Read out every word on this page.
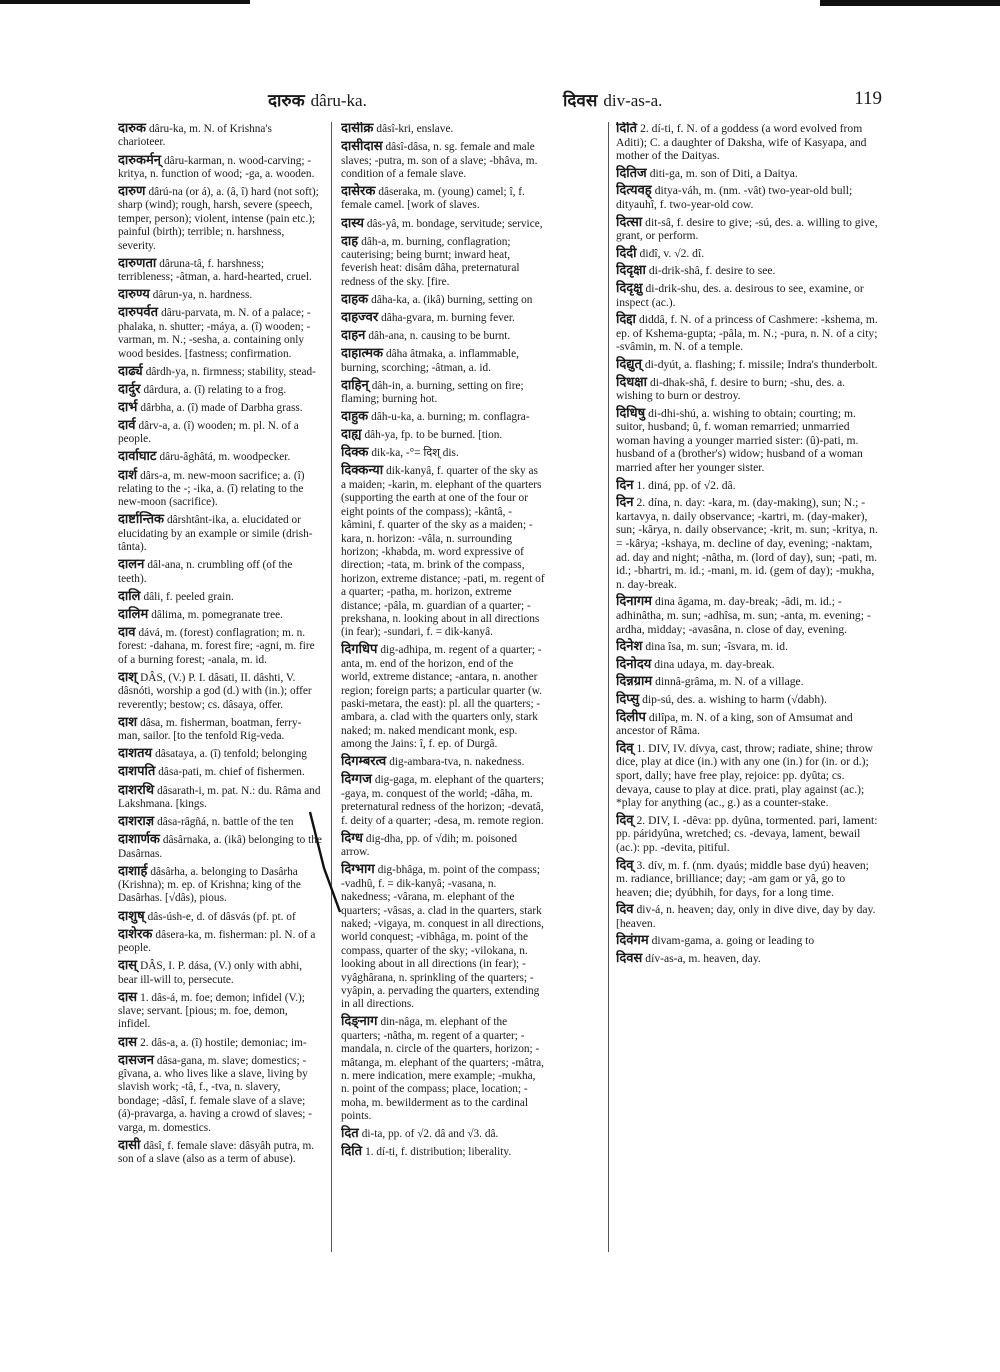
दारुक dâru-ka.	दिवस div-as-a.	119

दारुक dâru-ka, m. N. of Krishna's charioteer.

दारुकर्मन् dâru-karman, n. wood-carving; -kritya, n. function of wood; -ga, a. wooden.

दारुण dârú-na (or á), a. (â, î) hard (not soft); sharp (wind); rough, harsh, severe (speech, temper, person); violent, intense (pain etc.); painful (birth); terrible; n. harshness, severity.

दारुणता dâruna-tâ, f. harshness; terribleness; -âtman, a. hard-hearted, cruel.

दारुण्य dârun-ya, n. hardness.

दारुपर्वत dâru-parvata, m. N. of a palace; -phalaka, n. shutter; -máya, a. (î) wooden; -varman, m. N.; -sesha, a. containing only wood besides. [fastness; confirmation.

दार्ढ्य dârdh-ya, n. firmness; stability, stead-

दार्दुर dârdura, a. (î) relating to a frog.

दार्भ dârbha, a. (î) made of Darbha grass.

दार्व dârv-a, a. (î) wooden; m. pl. N. of a people.

दार्वाघाट dâru-âghâtá, m. woodpecker.

दार्श dârs-a, m. new-moon sacrifice; a. (î) relating to the -; -ika, a. (î) relating to the new-moon (sacrifice).

दार्ष्टान्तिक dârshtânt-ika, a. elucidated or elucidating by an example or simile (drish-tânta).

दालन dâl-ana, n. crumbling off (of the teeth).

दालि dâli, f. peeled grain.

दालिम dâlima, m. pomegranate tree.

दाव dává, m. (forest) conflagration; m. n. forest: -dahana, m. forest fire; -agni, m. fire of a burning forest; -anala, m. id.

दाश् DÂS, (V.) P. I. dâsati, II. dâshti, V. dâsnóti, worship a god (d.) with (in.); offer reverently; bestow; cs. dâsaya, offer.

दाश dâsa, m. fisherman, boatman, ferry-man, sailor. [to the tenfold Rig-veda.

दाशतय dâsataya, a. (î) tenfold; belonging

दाशपति dâsa-pati, m. chief of fishermen.

दाशरथि dâsarath-i, m. pat. N.: du. Râma and Lakshmana. [kings.

दाशराज्ञ dâsa-râgñá, n. battle of the ten

दाशार्णक dâsârnaka, a. (ikâ) belonging to the Dasârnas.

दाशार्ह dâsârha, a. belonging to Dasârha (Krishna); m. ep. of Krishna; king of the Dasârhas. [√dâs), pious.

दाशुष् dâs-úsh-e, d. of dâsvás (pf. pt. of

दाशेरक dâsera-ka, m. fisherman: pl. N. of a people.

दास् DÂS, I. P. dása, (V.) only with abhi, bear ill-will to, persecute.

दास 1. dâs-á, m. foe; demon; infidel (V.); slave; servant. [pious; m. foe, demon, infidel.

दास 2. dâs-a, a. (î) hostile; demoniac; im-

दासजन dâsa-gana, m. slave; domestics; -gîvana, a. who lives like a slave, living by slavish work; -tâ, f., -tva, n. slavery, bondage; -dâsî, f. female slave of a slave; (á)-pravarga, a. having a crowd of slaves; -varga, m. domestics.

दासी dâsî, f. female slave: dâsyâh putra, m. son of a slave (also as a term of abuse).

दासीक्र dâsî-kri, enslave.

दासीदास dâsî-dâsa, n. sg. female and male slaves; -putra, m. son of a slave; -bhâva, m. condition of a female slave.

दासेरक dâseraka, m. (young) camel; î, f. female camel. [work of slaves.

दास्य dâs-yâ, m. bondage, servitude; service,

दाह dâh-a, m. burning, conflagration; cauterising; being burnt; inward heat, feverish heat: disâm dâha, preternatural redness of the sky. [fire.

दाहक dâha-ka, a. (ikâ) burning, setting on

दाहज्वर dâha-gvara, m. burning fever.

दाहन dâh-ana, n. causing to be burnt.

दाहात्मक dâha âtmaka, a. inflammable, burning, scorching; -âtman, a. id.

दाहिन् dâh-in, a. burning, setting on fire; flaming; burning hot.

दाहुक dâh-u-ka, a. burning; m. conflagra-

दाह्य dâh-ya, fp. to be burned. [tion.

दिक्क dik-ka, -°= दिश् dis.

दिक्कन्या dik-kanyâ, f. quarter of the sky as a maiden; -karin, m. elephant of the quarters (supporting the earth at one of the four or eight points of the compass); -kântâ, -kâmini, f. quarter of the sky as a maiden; -kara, n. horizon: -vâla, n. surrounding horizon; -khabda, m. word expressive of direction; -tata, m. brink of the compass, horizon, extreme distance; -pati, m. regent of a quarter; -patha, m. horizon, extreme distance; -pâla, m. guardian of a quarter; -prekshana, n. looking about in all directions (in fear); -sundari, f. = dik-kanyâ.

दिगधिप dig-adhipa, m. regent of a quarter; -anta, m. end of the horizon, end of the world, extreme distance; -antara, n. another region; foreign parts; a particular quarter (w. paski-metara, the east): pl. all the quarters; -ambara, a. clad with the quarters only, stark naked; m. naked mendicant monk, esp. among the Jains: î, f. ep. of Durgâ.

दिगम्बरत्व dig-ambara-tva, n. nakedness.

दिग्गज dig-gaga, m. elephant of the quarters; -gaya, m. conquest of the world; -dâha, m. preternatural redness of the horizon; -devatâ, f. deity of a quarter; -desa, m. remote region.

दिग्ध dig-dha, pp. of √dih; m. poisoned arrow.

दिग्भाग dig-bhâga, m. point of the compass; -vadhû, f. = dik-kanyâ; -vasana, n. nakedness; -vârana, m. elephant of the quarters; -vâsas, a. clad in the quarters, stark naked; -vigaya, m. conquest in all directions, world conquest; -vibhâga, m. point of the compass, quarter of the sky; -vilokana, n. looking about in all directions (in fear); -vyâghârana, n. sprinkling of the quarters; -vyâpin, a. pervading the quarters, extending in all directions.

दिङ्नाग din-nâga, m. elephant of the quarters; -nâtha, m. regent of a quarter; -mandala, n. circle of the quarters, horizon; -mâtanga, m. elephant of the quarters; -mâtra, n. mere indication, mere example; -mukha, n. point of the compass; place, location; -moha, m. bewilderment as to the cardinal points.

दित di-ta, pp. of √2. dâ and √3. dâ.

दिति 1. dí-ti, f. distribution; liberality.

दिति 2. dí-ti, f. N. of a goddess (a word evolved from Aditi); C. a daughter of Daksha, wife of Kasyapa, and mother of the Daityas.

दितिज diti-ga, m. son of Diti, a Daitya.

दित्यवह् ditya-váh, m. (nm. -vât) two-year-old bull; dityauhî, f. two-year-old cow.

दित्सा dit-sâ, f. desire to give; -sú, des. a. willing to give, grant, or perform.

दिदी didî, v. √2. dî.

दिदृक्षा di-drik-shâ, f. desire to see.

दिदृक्षु di-drik-shu, des. a. desirous to see, examine, or inspect (ac.).

दिद्दा diddâ, f. N. of a princess of Cashmere: -kshema, m. ep. of Kshema-gupta; -pâla, m. N.; -pura, n. N. of a city; -svâmin, m. N. of a temple.

दिद्युत् di-dyút, a. flashing; f. missile; Indra's thunderbolt.

दिधक्षा di-dhak-shâ, f. desire to burn; -shu, des. a. wishing to burn or destroy.

दिधिषु di-dhi-shú, a. wishing to obtain; courting; m. suitor, husband; û, f. woman remarried; unmarried woman having a younger married sister: (û)-pati, m. husband of a (brother's) widow; husband of a woman married after her younger sister.

दिन 1. diná, pp. of √2. dâ.

दिन 2. dína, n. day: -kara, m. (day-making), sun; N.; -kartavya, n. daily observance; -kartri, m. (day-maker), sun; -kârya, n. daily observance; -krit, m. sun; -kritya, n. = -kârya; -kshaya, m. decline of day, evening; -naktam, ad. day and night; -nâtha, m. (lord of day), sun; -pati, m. id.; -bhartri, m. id.; -mani, m. id. (gem of day); -mukha, n. day-break.

दिनागम dina âgama, m. day-break; -âdi, m. id.; -adhinâtha, m. sun; -adhîsa, m. sun; -anta, m. evening; -ardha, midday; -avasâna, n. close of day, evening.

दिनेश dina îsa, m. sun; -îsvara, m. id.

दिनोदय dina udaya, m. day-break.

दिन्नग्राम dinnâ-grâma, m. N. of a village.

दिप्सु dip-sú, des. a. wishing to harm (√dabh).

दिलीप dilîpa, m. N. of a king, son of Amsumat and ancestor of Râma.

दिव् 1. DIV, IV. dívya, cast, throw; radiate, shine; throw dice, play at dice (in.) with any one (in.) for (in. or d.); sport, dally; have free play, rejoice: pp. dyûta; cs. devaya, cause to play at dice. prati, play against (ac.); *play for anything (ac., g.) as a counter-stake.

दिव् 2. DIV, I. -dêva: pp. dyûna, tormented. pari, lament: pp. páridyûna, wretched; cs. -devaya, lament, bewail (ac.): pp. -devita, pitiful.

दिव् 3. dív, m. f. (nm. dyaús; middle base dyú) heaven; m. radiance, brilliance; day; -am gam or yâ, go to heaven; die; dyúbhih, for days, for a long time.

दिव div-á, n. heaven; day, only in dive dive, day by day. [heaven.

दिवंगम divam-gama, a. going or leading to

दिवस dív-as-a, m. heaven, day.
